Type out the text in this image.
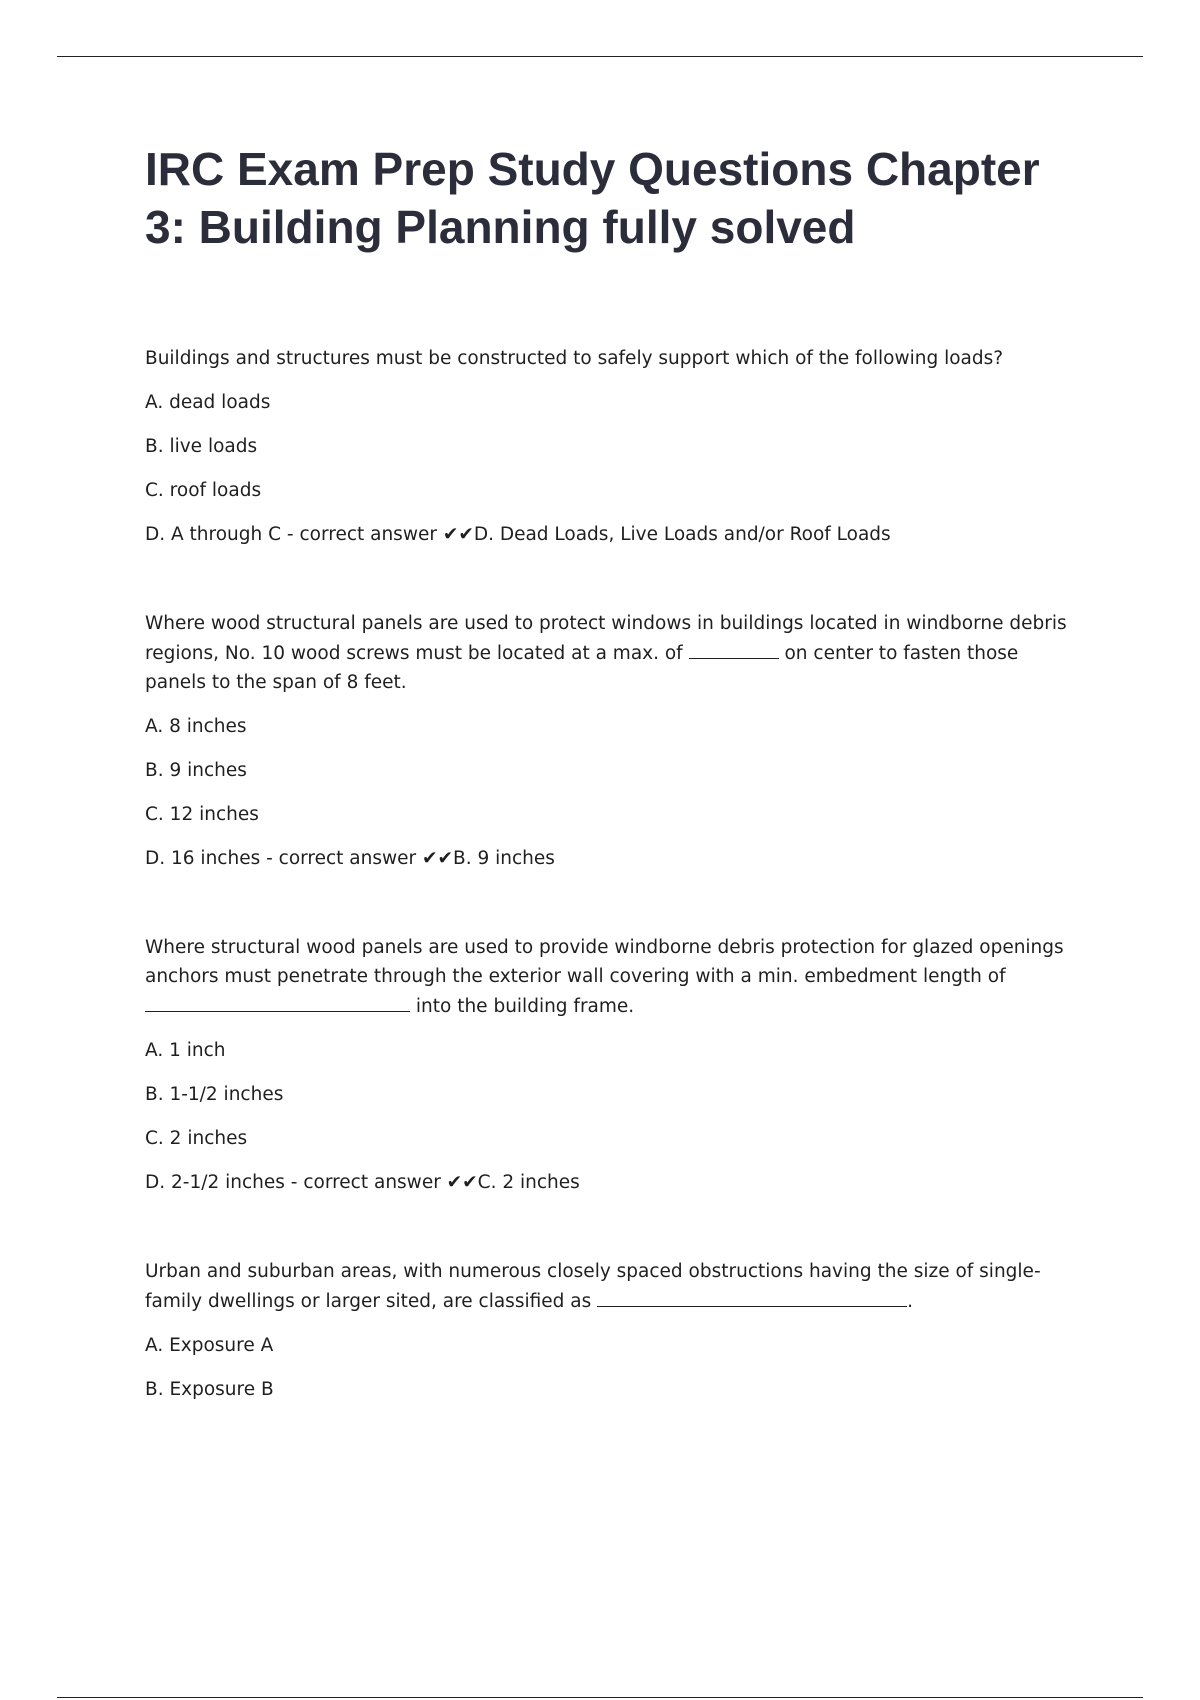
IRC Exam Prep Study Questions Chapter 3: Building Planning fully solved

Buildings and structures must be constructed to safely support which of the following loads?

A. dead loads

B. live loads

C. roof loads

D. A through C - correct answer ✔✔D. Dead Loads, Live Loads and/or Roof Loads

Where wood structural panels are used to protect windows in buildings located in windborne debris regions, No. 10 wood screws must be located at a max. of	on center to fasten those panels to the span of 8 feet.

A. 8 inches

B. 9 inches

C. 12 inches

D. 16 inches - correct answer ✔✔B. 9 inches

Where structural wood panels are used to provide windborne debris protection for glazed openings anchors must penetrate through the exterior wall covering with a min. embedment length of  into the building frame.

A. 1 inch

B. 1-1/2 inches

C. 2 inches

D. 2-1/2 inches - correct answer ✔✔C. 2 inches

Urban and suburban areas, with numerous closely spaced obstructions having the size of single-family dwellings or larger sited, are classified as	.

A. Exposure A

B. Exposure B
